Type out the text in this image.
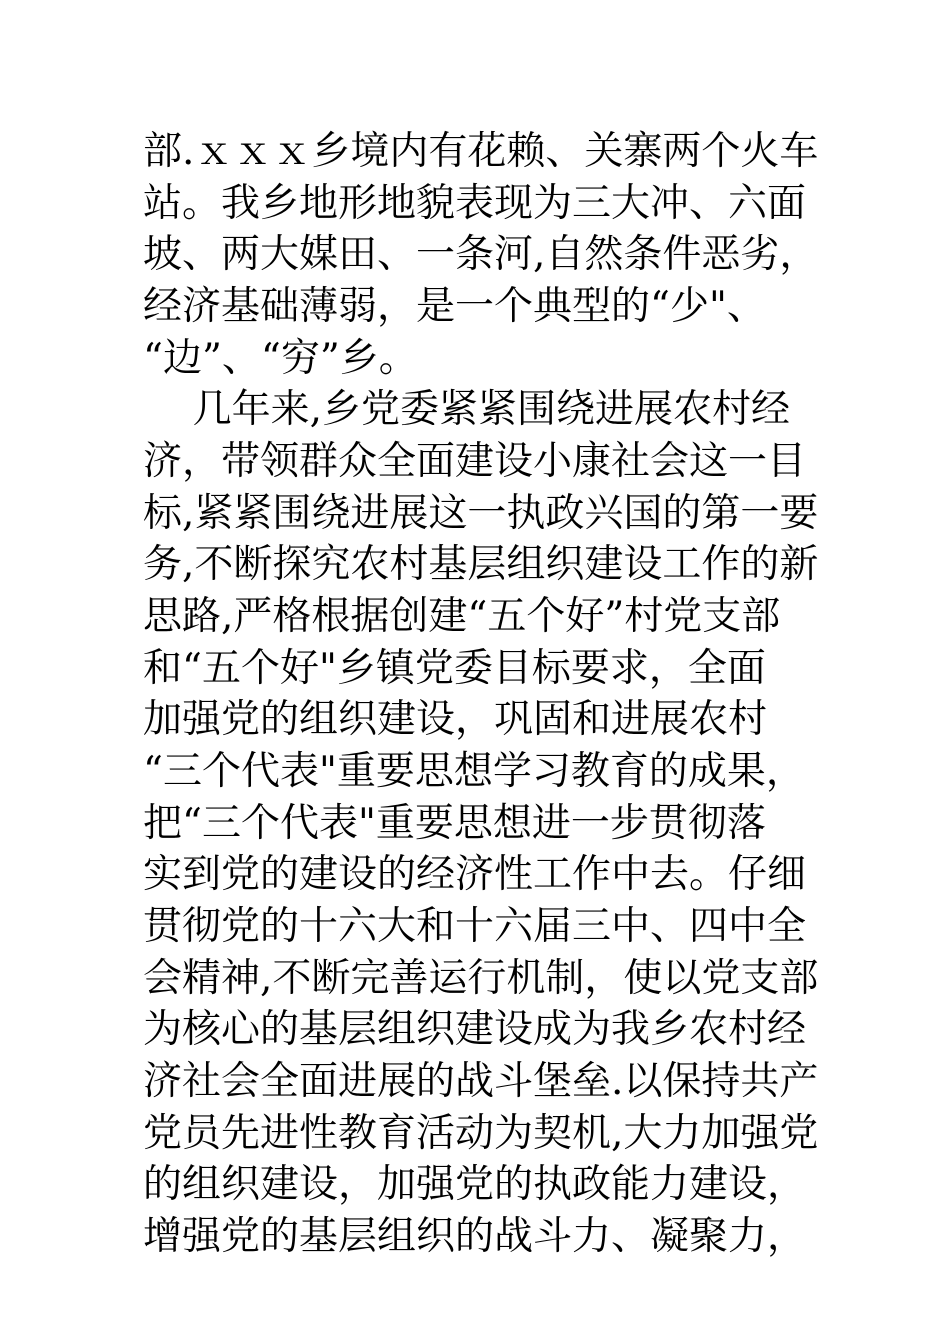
部.ｘｘｘ乡境内有花赖、关寨两个火车
站。我乡地形地貌表现为三大冲、六面
坡、两大媒田、一条河,自然条件恶劣，
经济基础薄弱，是一个典型的“少"、
“边”、“穷”乡。
几年来,乡党委紧紧围绕进展农村经
济，带领群众全面建设小康社会这一目
标,紧紧围绕进展这一执政兴国的第一要
务,不断探究农村基层组织建设工作的新
思路,严格根据创建“五个好”村党支部
和“五个好"乡镇党委目标要求，全面
加强党的组织建设，巩固和进展农村
“三个代表"重要思想学习教育的成果，
把“三个代表"重要思想进一步贯彻落
实到党的建设的经济性工作中去。仔细
贯彻党的十六大和十六届三中、四中全
会精神,不断完善运行机制，使以党支部
为核心的基层组织建设成为我乡农村经
济社会全面进展的战斗堡垒.以保持共产
党员先进性教育活动为契机,大力加强党
的组织建设，加强党的执政能力建设，
增强党的基层组织的战斗力、凝聚力，
